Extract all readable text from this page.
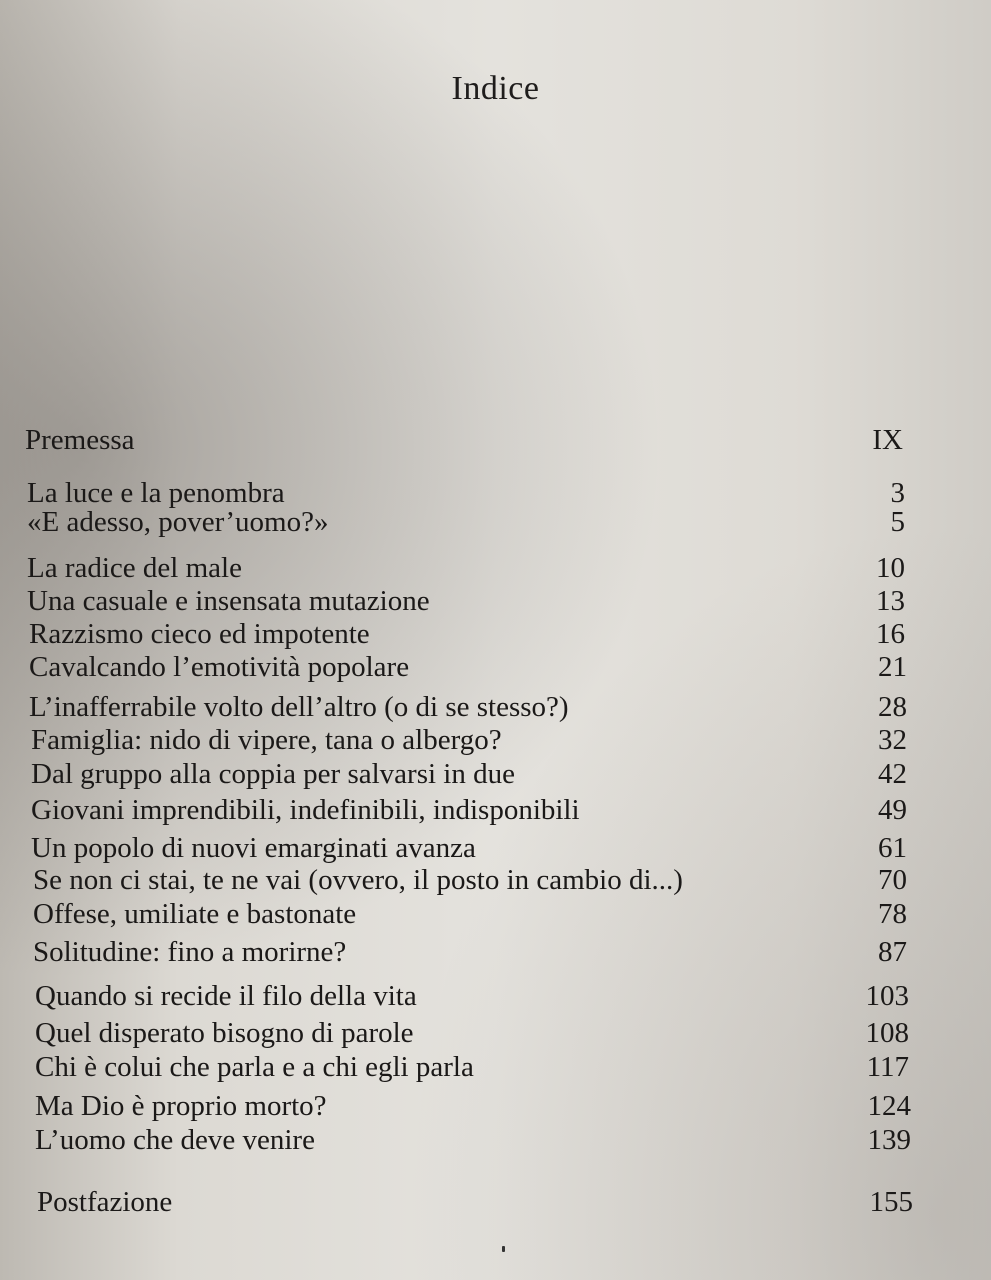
Indice
Premessa	IX
La luce e la penombra	3
«E adesso, pover’uomo?»	5
La radice del male	10
Una casuale e insensata mutazione	13
Razzismo cieco ed impotente	16
Cavalcando l’emotività popolare	21
L’inafferrabile volto dell’altro (o di se stesso?)	28
Famiglia: nido di vipere, tana o albergo?	32
Dal gruppo alla coppia per salvarsi in due	42
Giovani imprendibili, indefinibili, indisponibili	49
Un popolo di nuovi emarginati avanza	61
Se non ci stai, te ne vai (ovvero, il posto in cambio di...)	70
Offese, umiliate e bastonate	78
Solitudine: fino a morirne?	87
Quando si recide il filo della vita	103
Quel disperato bisogno di parole	108
Chi è colui che parla e a chi egli parla	117
Ma Dio è proprio morto?	124
L’uomo che deve venire	139
Postfazione	155
